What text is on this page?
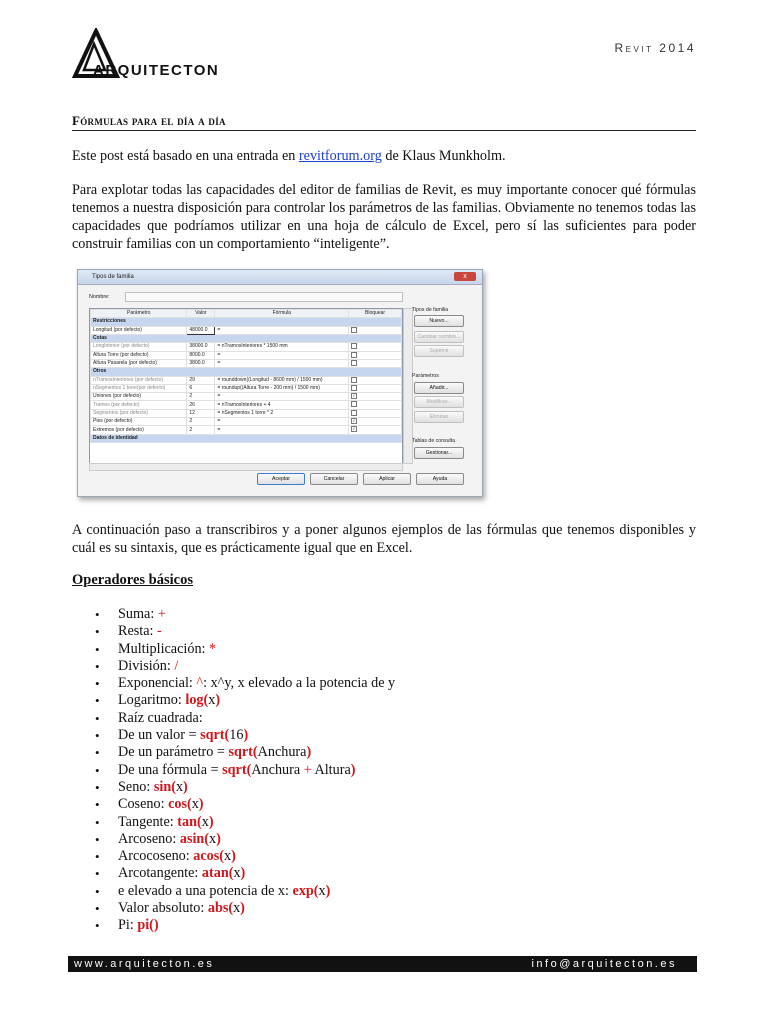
ARQUITECTON
Revit 2014
Fórmulas para el día a día
Este post está basado en una entrada en revitforum.org de Klaus Munkholm.
Para explotar todas las capacidades del editor de familias de Revit, es muy importante conocer qué fórmulas tenemos a nuestra disposición para controlar los parámetros de las familias. Obviamente no tenemos todas las capacidades que podríamos utilizar en una hoja de cálculo de Excel, pero sí las suficientes para poder construir familias con un comportamiento “inteligente”.
Tipos de familia	x
Nombre:
Parámetro	Valor	Fórmula	Bloquear
Restricciones			
Longitud (por defecto)	48000.0	=	
Cotas			
LongInterior (por defecto)	38000.0	= nTramosInteriores * 1500 mm	
Altura Torre (por defecto)	8000.0	=	
Altura Pasarela (por defecto)	3800.0	=	
Otros			
nTramosInteriores (por defecto)	29	= rounddown((Longitud - 8600 mm) / 1500 mm)	
nSegmentos 1 torre(por defecto)	6	= roundup((Altura Torre - 200 mm) / 1500 mm)	
Uniones (por defecto)	2	=	✓
Tramos (por defecto)	26	= nTramosInteriores + 4	
Segmentos (por defecto)	12	= nSegmentos 1 torre * 2	
Pies (por defecto)	2	=	✓
Extremos (por defecto)	2	=	✓
Datos de identidad			
Tipos de familia
Nuevo...
Cambiar nombre...
Suprimir
Parámetros
Añadir...
Modificar...
Eliminar
Tablas de consulta
Gestionar...
Aceptar	Cancelar	Aplicar	Ayuda
A continuación paso a transcribiros y a poner algunos ejemplos de las fórmulas que tenemos disponibles y cuál es su sintaxis, que es prácticamente igual que en Excel.
Operadores básicos
• Suma: +
• Resta: -
• Multiplicación: *
• División: /
• Exponencial: ^: x^y, x elevado a la potencia de y
• Logaritmo: log(x)
• Raíz cuadrada:
• De un valor = sqrt(16)
• De un parámetro = sqrt(Anchura)
• De una fórmula = sqrt(Anchura + Altura)
• Seno: sin(x)
• Coseno: cos(x)
• Tangente: tan(x)
• Arcoseno: asin(x)
• Arcocoseno: acos(x)
• Arcotangente: atan(x)
• e elevado a una potencia de x: exp(x)
• Valor absoluto: abs(x)
• Pi: pi()
www.arquitecton.es	info@arquitecton.es
